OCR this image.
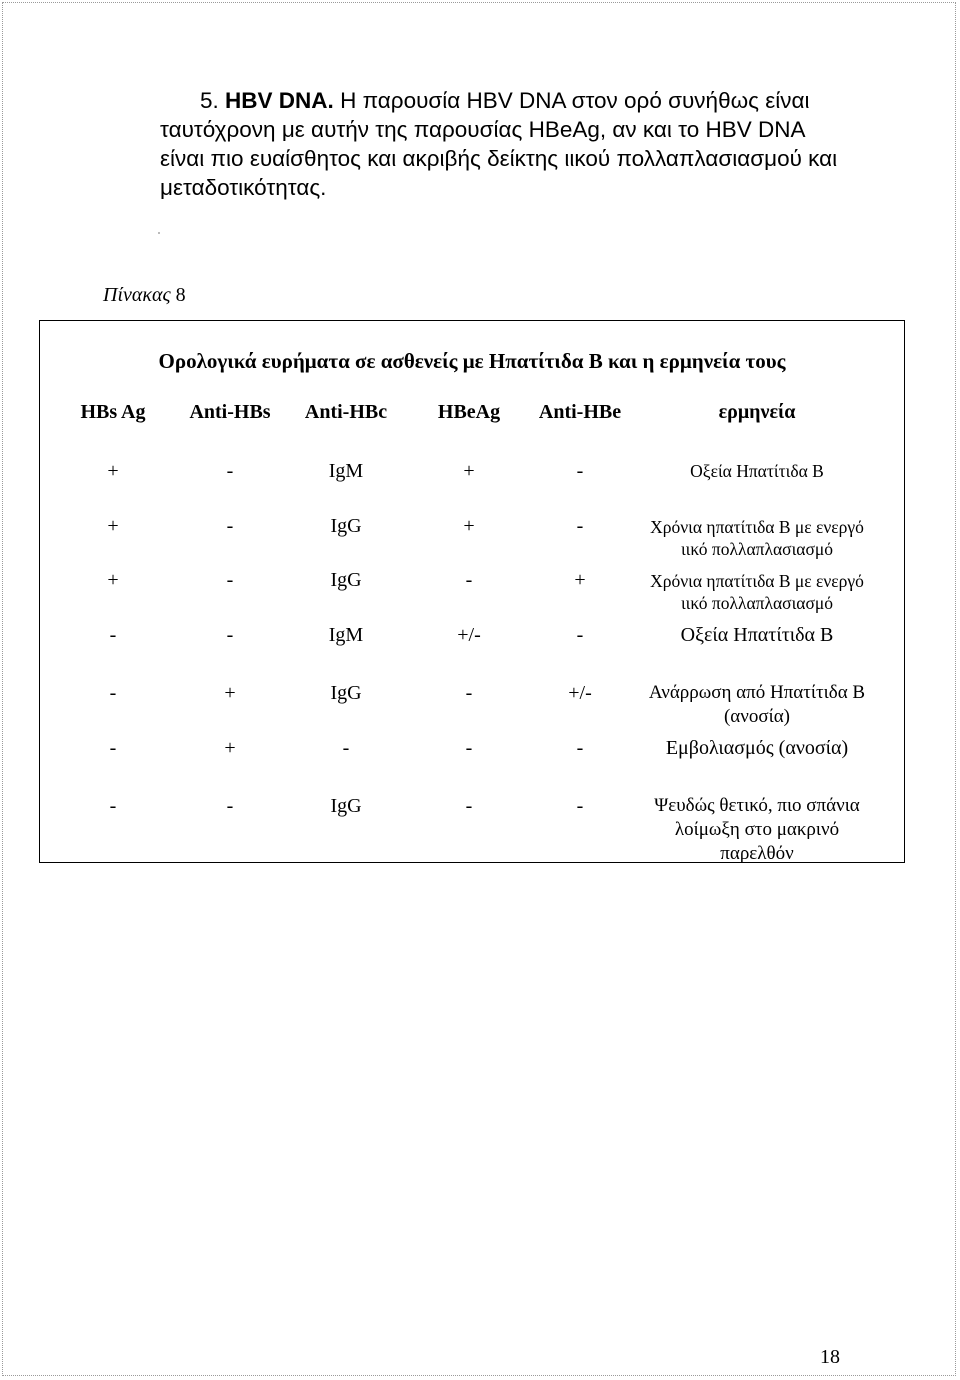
5. HBV DNA. Η παρουσία HBV DNA στον ορό συνήθως είναι
ταυτόχρονη με αυτήν της παρουσίας HBeAg, αν και το HBV DNA
είναι πιο ευαίσθητος και ακριβής δείκτης ιικού πολλαπλασιασμού και
μεταδοτικότητας.

Πίνακας 8
Ορολογικά ευρήματα σε ασθενείς με Ηπατίτιδα Β και η ερμηνεία τους
HBs Ag	Anti-HBs	Anti-HBc	HBeAg	Anti-HBe	ερμηνεία
+	-	IgM	+	-	Οξεία Ηπατίτιδα Β
+	-	IgG	+	-	Χρόνια ηπατίτιδα Β με ενεργό
ιικό πολλαπλασιασμό
+	-	IgG	-	+	Χρόνια ηπατίτιδα Β με ενεργό
ιικό πολλαπλασιασμό
-	-	IgM	+/-	-	Οξεία Ηπατίτιδα Β
-	+	IgG	-	+/-	Ανάρρωση από Ηπατίτιδα Β
(ανοσία)
-	+	-	-	-	Εμβολιασμός (ανοσία)
-	-	IgG	-	-	Ψευδώς θετικό, πιο σπάνια
λοίμωξη στο μακρινό
παρελθόν
18
